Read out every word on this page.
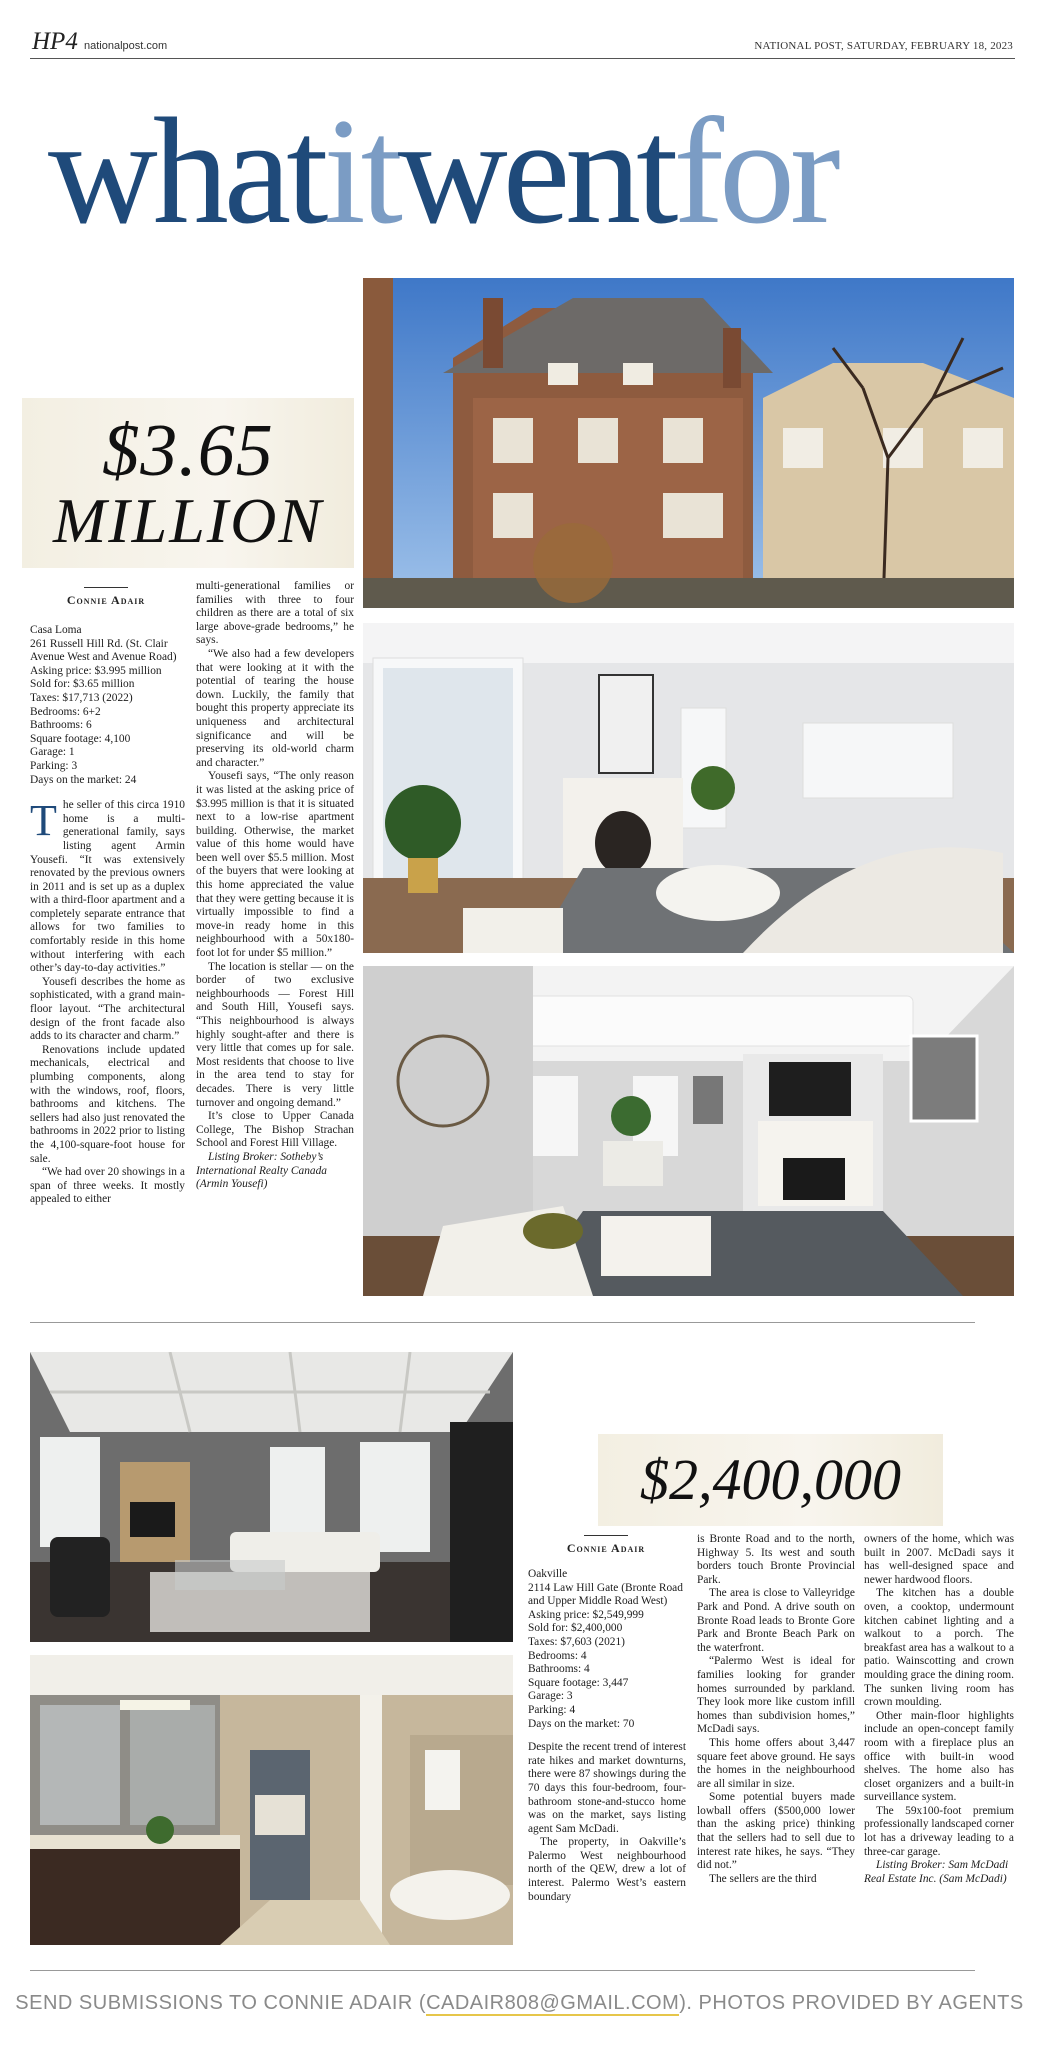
HP4 nationalpost.com	NATIONAL POST, SATURDAY, FEBRUARY 18, 2023
whatitwentfor
$3.65
MILLION
Connie Adair
Casa Loma
261 Russell Hill Rd. (St. Clair Avenue West and Avenue Road)
Asking price: $3.995 million
Sold for: $3.65 million
Taxes: $17,713 (2022)
Bedrooms: 6+2
Bathrooms: 6
Square footage: 4,100
Garage: 1
Parking: 3
Days on the market: 24

The seller of this circa 1910 home is a multi-generational family, says listing agent Armin Yousefi. “It was extensively renovated by the previous owners in 2011 and is set up as a duplex with a third-floor apartment and a completely separate entrance that allows for two families to comfortably reside in this home without interfering with each other’s day-to-day activities.”

Yousefi describes the home as sophisticated, with a grand main-floor layout. “The architectural design of the front facade also adds to its character and charm.”

Renovations include updated mechanicals, electrical and plumbing components, along with the windows, roof, floors, bathrooms and kitchens. The sellers had also just renovated the bathrooms in 2022 prior to listing the 4,100-square-foot house for sale.

“We had over 20 showings in a span of three weeks. It mostly appealed to either

multi-generational families or families with three to four children as there are a total of six large above-grade bedrooms,” he says.

“We also had a few developers that were looking at it with the potential of tearing the house down. Luckily, the family that bought this property appreciate its uniqueness and architectural significance and will be preserving its old-world charm and character.”

Yousefi says, “The only reason it was listed at the asking price of $3.995 million is that it is situated next to a low-rise apartment building. Otherwise, the market value of this home would have been well over $5.5 million. Most of the buyers that were looking at this home appreciated the value that they were getting because it is virtually impossible to find a move-in ready home in this neighbourhood with a 50x180-foot lot for under $5 million.”

The location is stellar — on the border of two exclusive neighbourhoods — Forest Hill and South Hill, Yousefi says. “This neighbourhood is always highly sought-after and there is very little that comes up for sale. Most residents that choose to live in the area tend to stay for decades. There is very little turnover and ongoing demand.”

It’s close to Upper Canada College, The Bishop Strachan School and Forest Hill Village.

Listing Broker: Sotheby’s International Realty Canada (Armin Yousefi)

$2,400,000
Connie Adair
Oakville
2114 Law Hill Gate (Bronte Road and Upper Middle Road West)
Asking price: $2,549,999
Sold for: $2,400,000
Taxes: $7,603 (2021)
Bedrooms: 4
Bathrooms: 4
Square footage: 3,447
Garage: 3
Parking: 4
Days on the market: 70

Despite the recent trend of interest rate hikes and market downturns, there were 87 showings during the 70 days this four-bedroom, four-bathroom stone-and-stucco home was on the market, says listing agent Sam McDadi.

The property, in Oakville’s Palermo West neighbourhood north of the QEW, drew a lot of interest. Palermo West’s eastern boundary

is Bronte Road and to the north, Highway 5. Its west and south borders touch Bronte Provincial Park.

The area is close to Valleyridge Park and Pond. A drive south on Bronte Road leads to Bronte Gore Park and Bronte Beach Park on the waterfront.

“Palermo West is ideal for families looking for grander homes surrounded by parkland. They look more like custom infill homes than subdivision homes,” McDadi says.

This home offers about 3,447 square feet above ground. He says the homes in the neighbourhood are all similar in size.

Some potential buyers made lowball offers ($500,000 lower than the asking price) thinking that the sellers had to sell due to interest rate hikes, he says. “They did not.”

The sellers are the third

owners of the home, which was built in 2007. McDadi says it has well-designed space and newer hardwood floors.

The kitchen has a double oven, a cooktop, undermount kitchen cabinet lighting and a walkout to a porch. The breakfast area has a walkout to a patio. Wainscotting and crown moulding grace the dining room. The sunken living room has crown moulding.

Other main-floor highlights include an open-concept family room with a fireplace plus an office with built-in wood shelves. The home also has closet organizers and a built-in surveillance system.

The 59x100-foot premium professionally landscaped corner lot has a driveway leading to a three-car garage.

Listing Broker: Sam McDadi Real Estate Inc. (Sam McDadi)

SEND SUBMISSIONS TO CONNIE ADAIR (CADAIR808@GMAIL.COM). PHOTOS PROVIDED BY AGENTS
